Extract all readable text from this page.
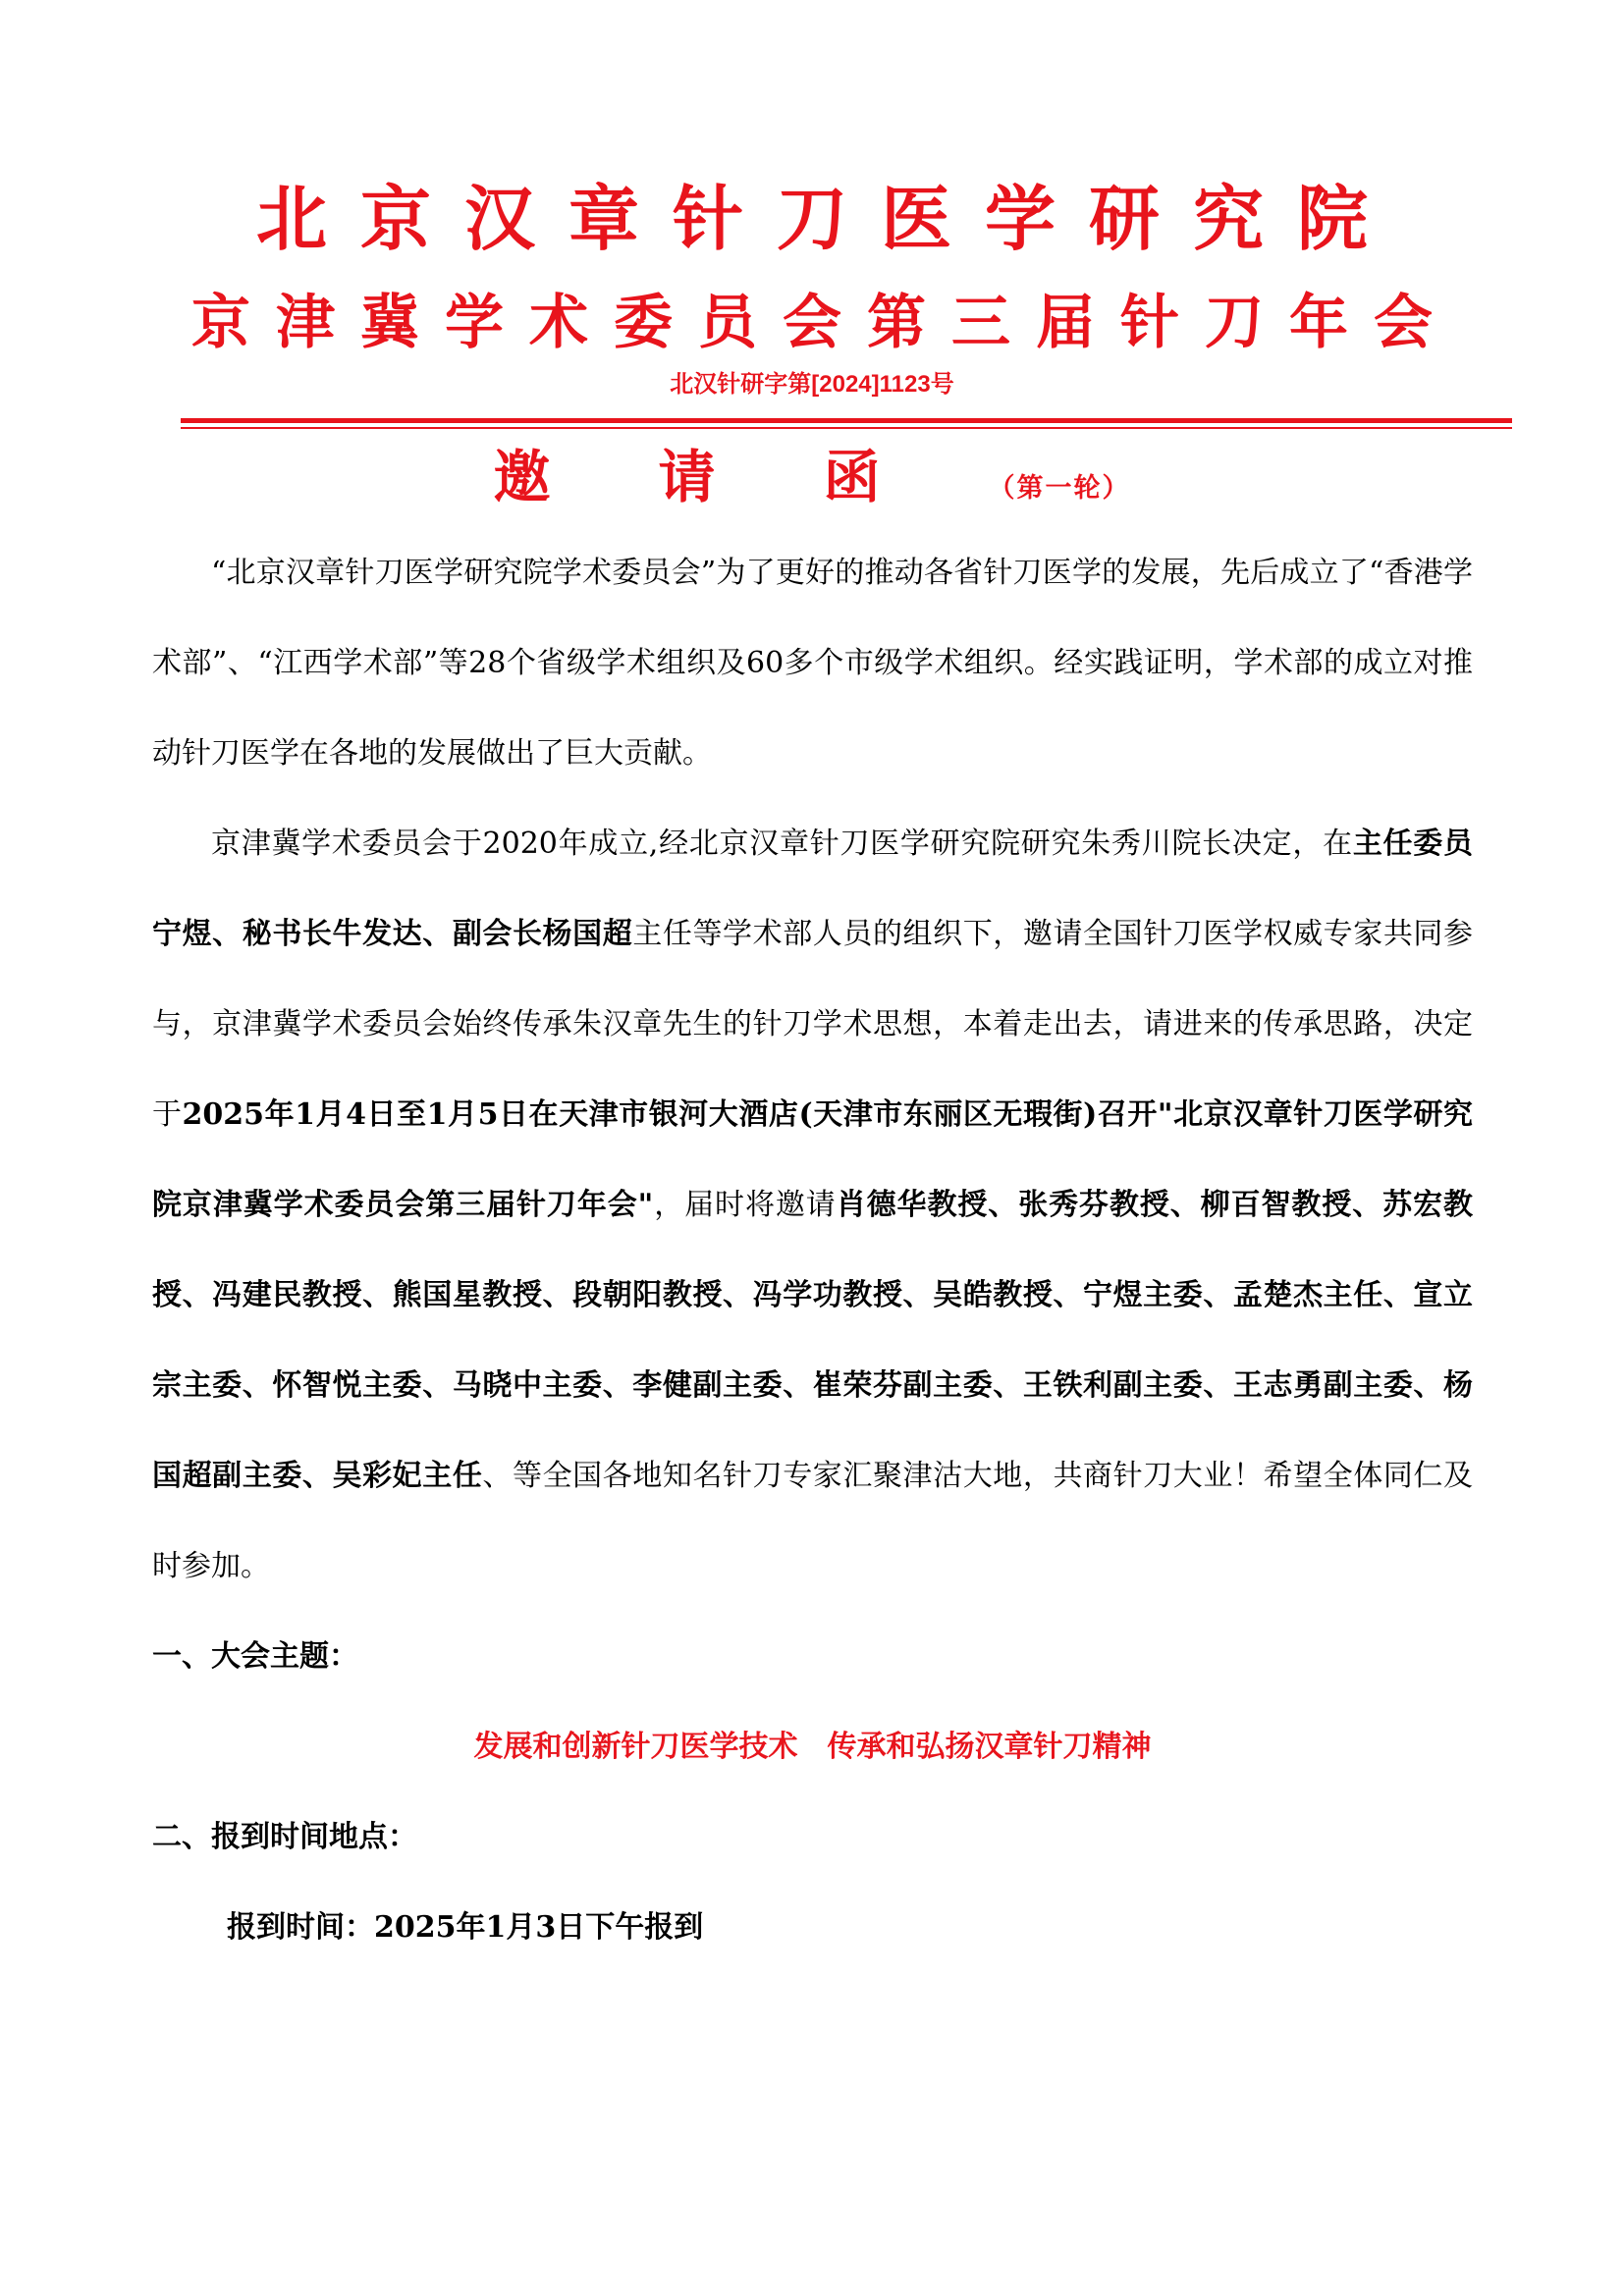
北京汉章针刀医学研究院
京津冀学术委员会第三届针刀年会
北汉针研字第[2024]1123号
邀请函（第一轮）

“北京汉章针刀医学研究院学术委员会”为了更好的推动各省针刀医学的发展，先后成立了“香港学术部”、“江西学术部”等28个省级学术组织及60多个市级学术组织。经实践证明，学术部的成立对推动针刀医学在各地的发展做出了巨大贡献。

京津冀学术委员会于2020年成立,经北京汉章针刀医学研究院研究朱秀川院长决定，在主任委员宁煜、秘书长牛发达、副会长杨国超主任等学术部人员的组织下，邀请全国针刀医学权威专家共同参与，京津冀学术委员会始终传承朱汉章先生的针刀学术思想，本着走出去，请进来的传承思路，决定于2025年1月4日至1月5日在天津市银河大酒店(天津市东丽区无瑕街)召开"北京汉章针刀医学研究院京津冀学术委员会第三届针刀年会"，届时将邀请肖德华教授、张秀芬教授、柳百智教授、苏宏教授、冯建民教授、熊国星教授、段朝阳教授、冯学功教授、吴皓教授、宁煜主委、孟楚杰主任、宣立宗主委、怀智悦主委、马晓中主委、李健副主委、崔荣芬副主委、王铁利副主委、王志勇副主委、杨国超副主委、吴彩妃主任、等全国各地知名针刀专家汇聚津沽大地，共商针刀大业！希望全体同仁及时参加。

一、大会主题：

发展和创新针刀医学技术　传承和弘扬汉章针刀精神

二、报到时间地点：

报到时间：2025年1月3日下午报到
